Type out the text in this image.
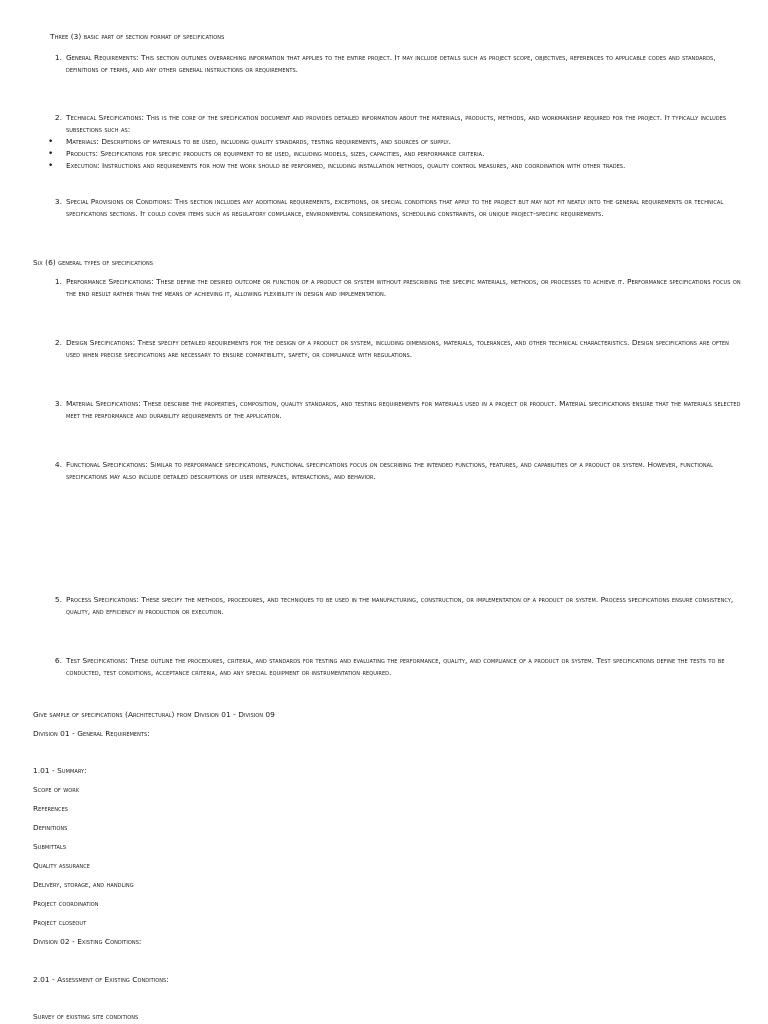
Three (3) basic part of section format of specifications

1. General Requirements: This section outlines overarching information that applies to the entire project. It may include details such as project scope, objectives, references to applicable codes and standards, definitions of terms, and any other general instructions or requirements.
2. Technical Specifications: This is the core of the specification document and provides detailed information about the materials, products, methods, and workmanship required for the project. It typically includes subsections such as:
•	Materials: Descriptions of materials to be used, including quality standards, testing requirements, and sources of supply.
•	Products: Specifications for specific products or equipment to be used, including models, sizes, capacities, and performance criteria.
•	Execution: Instructions and requirements for how the work should be performed, including installation methods, quality control measures, and coordination with other trades.
3. Special Provisions or Conditions: This section includes any additional requirements, exceptions, or special conditions that apply to the project but may not fit neatly into the general requirements or technical specifications sections. It could cover items such as regulatory compliance, environmental considerations, scheduling constraints, or unique project-specific requirements.

Six (6) general types of specifications

1. Performance Specifications: These define the desired outcome or function of a product or system without prescribing the specific materials, methods, or processes to achieve it. Performance specifications focus on the end result rather than the means of achieving it, allowing flexibility in design and implementation.
2. Design Specifications: These specify detailed requirements for the design of a product or system, including dimensions, materials, tolerances, and other technical characteristics. Design specifications are often used when precise specifications are necessary to ensure compatibility, safety, or compliance with regulations.
3. Material Specifications: These describe the properties, composition, quality standards, and testing requirements for materials used in a project or product. Material specifications ensure that the materials selected meet the performance and durability requirements of the application.
4. Functional Specifications: Similar to performance specifications, functional specifications focus on describing the intended functions, features, and capabilities of a product or system. However, functional specifications may also include detailed descriptions of user interfaces, interactions, and behavior.
5. Process Specifications: These specify the methods, procedures, and techniques to be used in the manufacturing, construction, or implementation of a product or system. Process specifications ensure consistency, quality, and efficiency in production or execution.
6. Test Specifications: These outline the procedures, criteria, and standards for testing and evaluating the performance, quality, and compliance of a product or system. Test specifications define the tests to be conducted, test conditions, acceptance criteria, and any special equipment or instrumentation required.

Give sample of specifications (Architectural) from Division 01 - Division 09

Division 01 - General Requirements:

1.01 - Summary:

Scope of work

References

Definitions

Submittals

Quality assurance

Delivery, storage, and handling

Project coordination

Project closeout

Division 02 - Existing Conditions:

2.01 - Assessment of Existing Conditions:

Survey of existing site conditions
